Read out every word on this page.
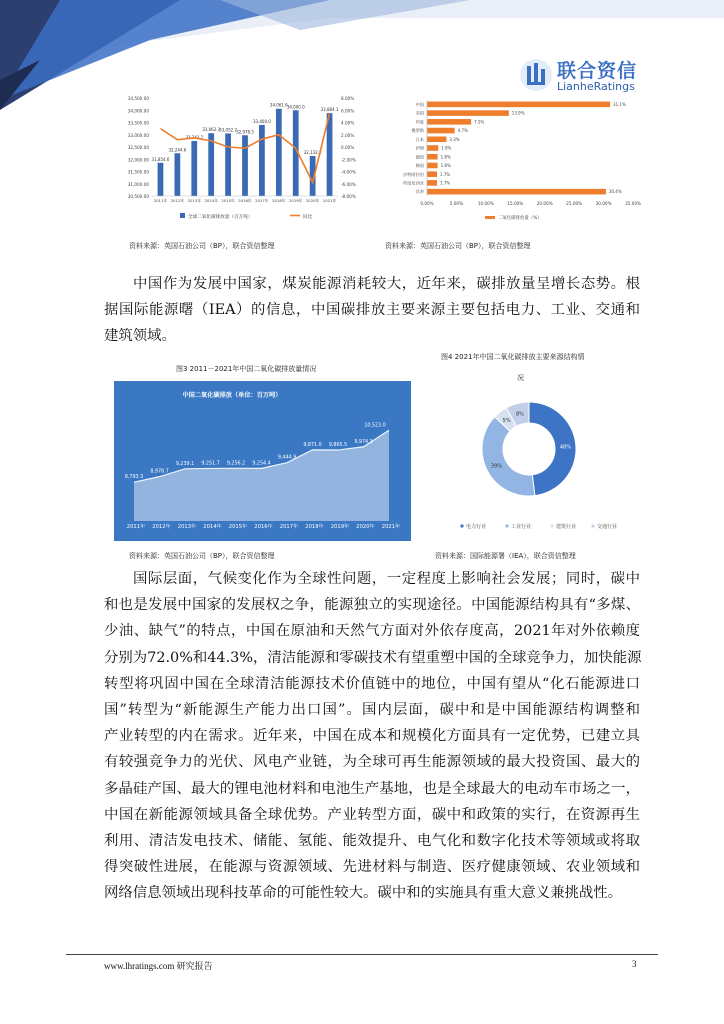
联合资信
LianheRatings
30,500.00
31,000.00
31,500.00
32,000.00
32,500.00
33,000.00
33,500.00
34,000.00
34,500.00
-8.00%
-6.00%
-4.00%
-2.00%
0.00%
2.00%
4.00%
6.00%
8.00%
31,854.6
2011年
32,244.6
2012年
32,743.2
2013年
33,062.3
2014年
33,052.2
2015年
32,978.5
2016年
33,400.0
2017年
34,061.6
2018年
34,000.0
2019年
32,132.2
2020年
33,884.1
2021年
全球二氧化碳排放量（百万吨）	同比
中国	31.1%
美国	13.9%
印度	7.5%
俄罗斯	4.7%
日本	3.3%
伊朗	1.9%
德国	1.8%
韩国	1.8%
沙特阿拉伯	1.7%
印度尼西亚	1.7%
其余	30.4%
0.00%	5.00%	10.00%	15.00%	20.00%	25.00%	30.00%	35.00%
二氧化碳排放量（%）
资料来源：英国石油公司（BP），联合资信整理	资料来源：英国石油公司（BP），联合资信整理
中国作为发展中国家，煤炭能源消耗较大，近年来，碳排放量呈增长态势。根
据国际能源曙（IEA）的信息，中国碳排放主要来源主要包括电力、工业、交通和
建筑领域。
图3 2011－2021年中国二氧化碳排放量情况
图4 2021年中国二氧化碳排放主要来源结构情
况
中国二氧化碳排放（单位：百万吨）
8,793.3
2011年
8,978.7
2012年
9,239.1
2013年
9,251.7
2014年
9,256.2
2015年
9,254.4
2016年
9,444.9
2017年
9,871.0
2018年
9,865.5
2019年
9,974.3
2020年
10,523.0
2021年
48%
39%
5%
8%
电力行业	工业行业	建筑行业	交通行业
资料来源：英国石油公司（BP），联合资信整理	资料来源：国际能源署（IEA），联合资信整理
国际层面，气候变化作为全球性问题，一定程度上影响社会发展；同时，碳中
和也是发展中国家的发展权之争，能源独立的实现途径。中国能源结构具有“多煤、
少油、缺气”的特点，中国在原油和天然气方面对外依存度高，2021年对外依赖度
分别为72.0%和44.3%，清洁能源和零碳技术有望重塑中国的全球竞争力，加快能源
转型将巩固中国在全球清洁能源技术价值链中的地位，中国有望从“化石能源进口
国”转型为“新能源生产能力出口国”。国内层面，碳中和是中国能源结构调整和
产业转型的内在需求。近年来，中国在成本和规模化方面具有一定优势，已建立具
有较强竞争力的光伏、风电产业链，为全球可再生能源领域的最大投资国、最大的
多晶硅产国、最大的锂电池材料和电池生产基地，也是全球最大的电动车市场之一，
中国在新能源领域具备全球优势。产业转型方面，碳中和政策的实行，在资源再生
利用、清洁发电技术、储能、氢能、能效提升、电气化和数字化技术等领域或将取
得突破性进展，在能源与资源领域、先进材料与制造、医疗健康领域、农业领域和
网络信息领域出现科技革命的可能性较大。碳中和的实施具有重大意义兼挑战性。
www.lhratings.com 研究报告	3
